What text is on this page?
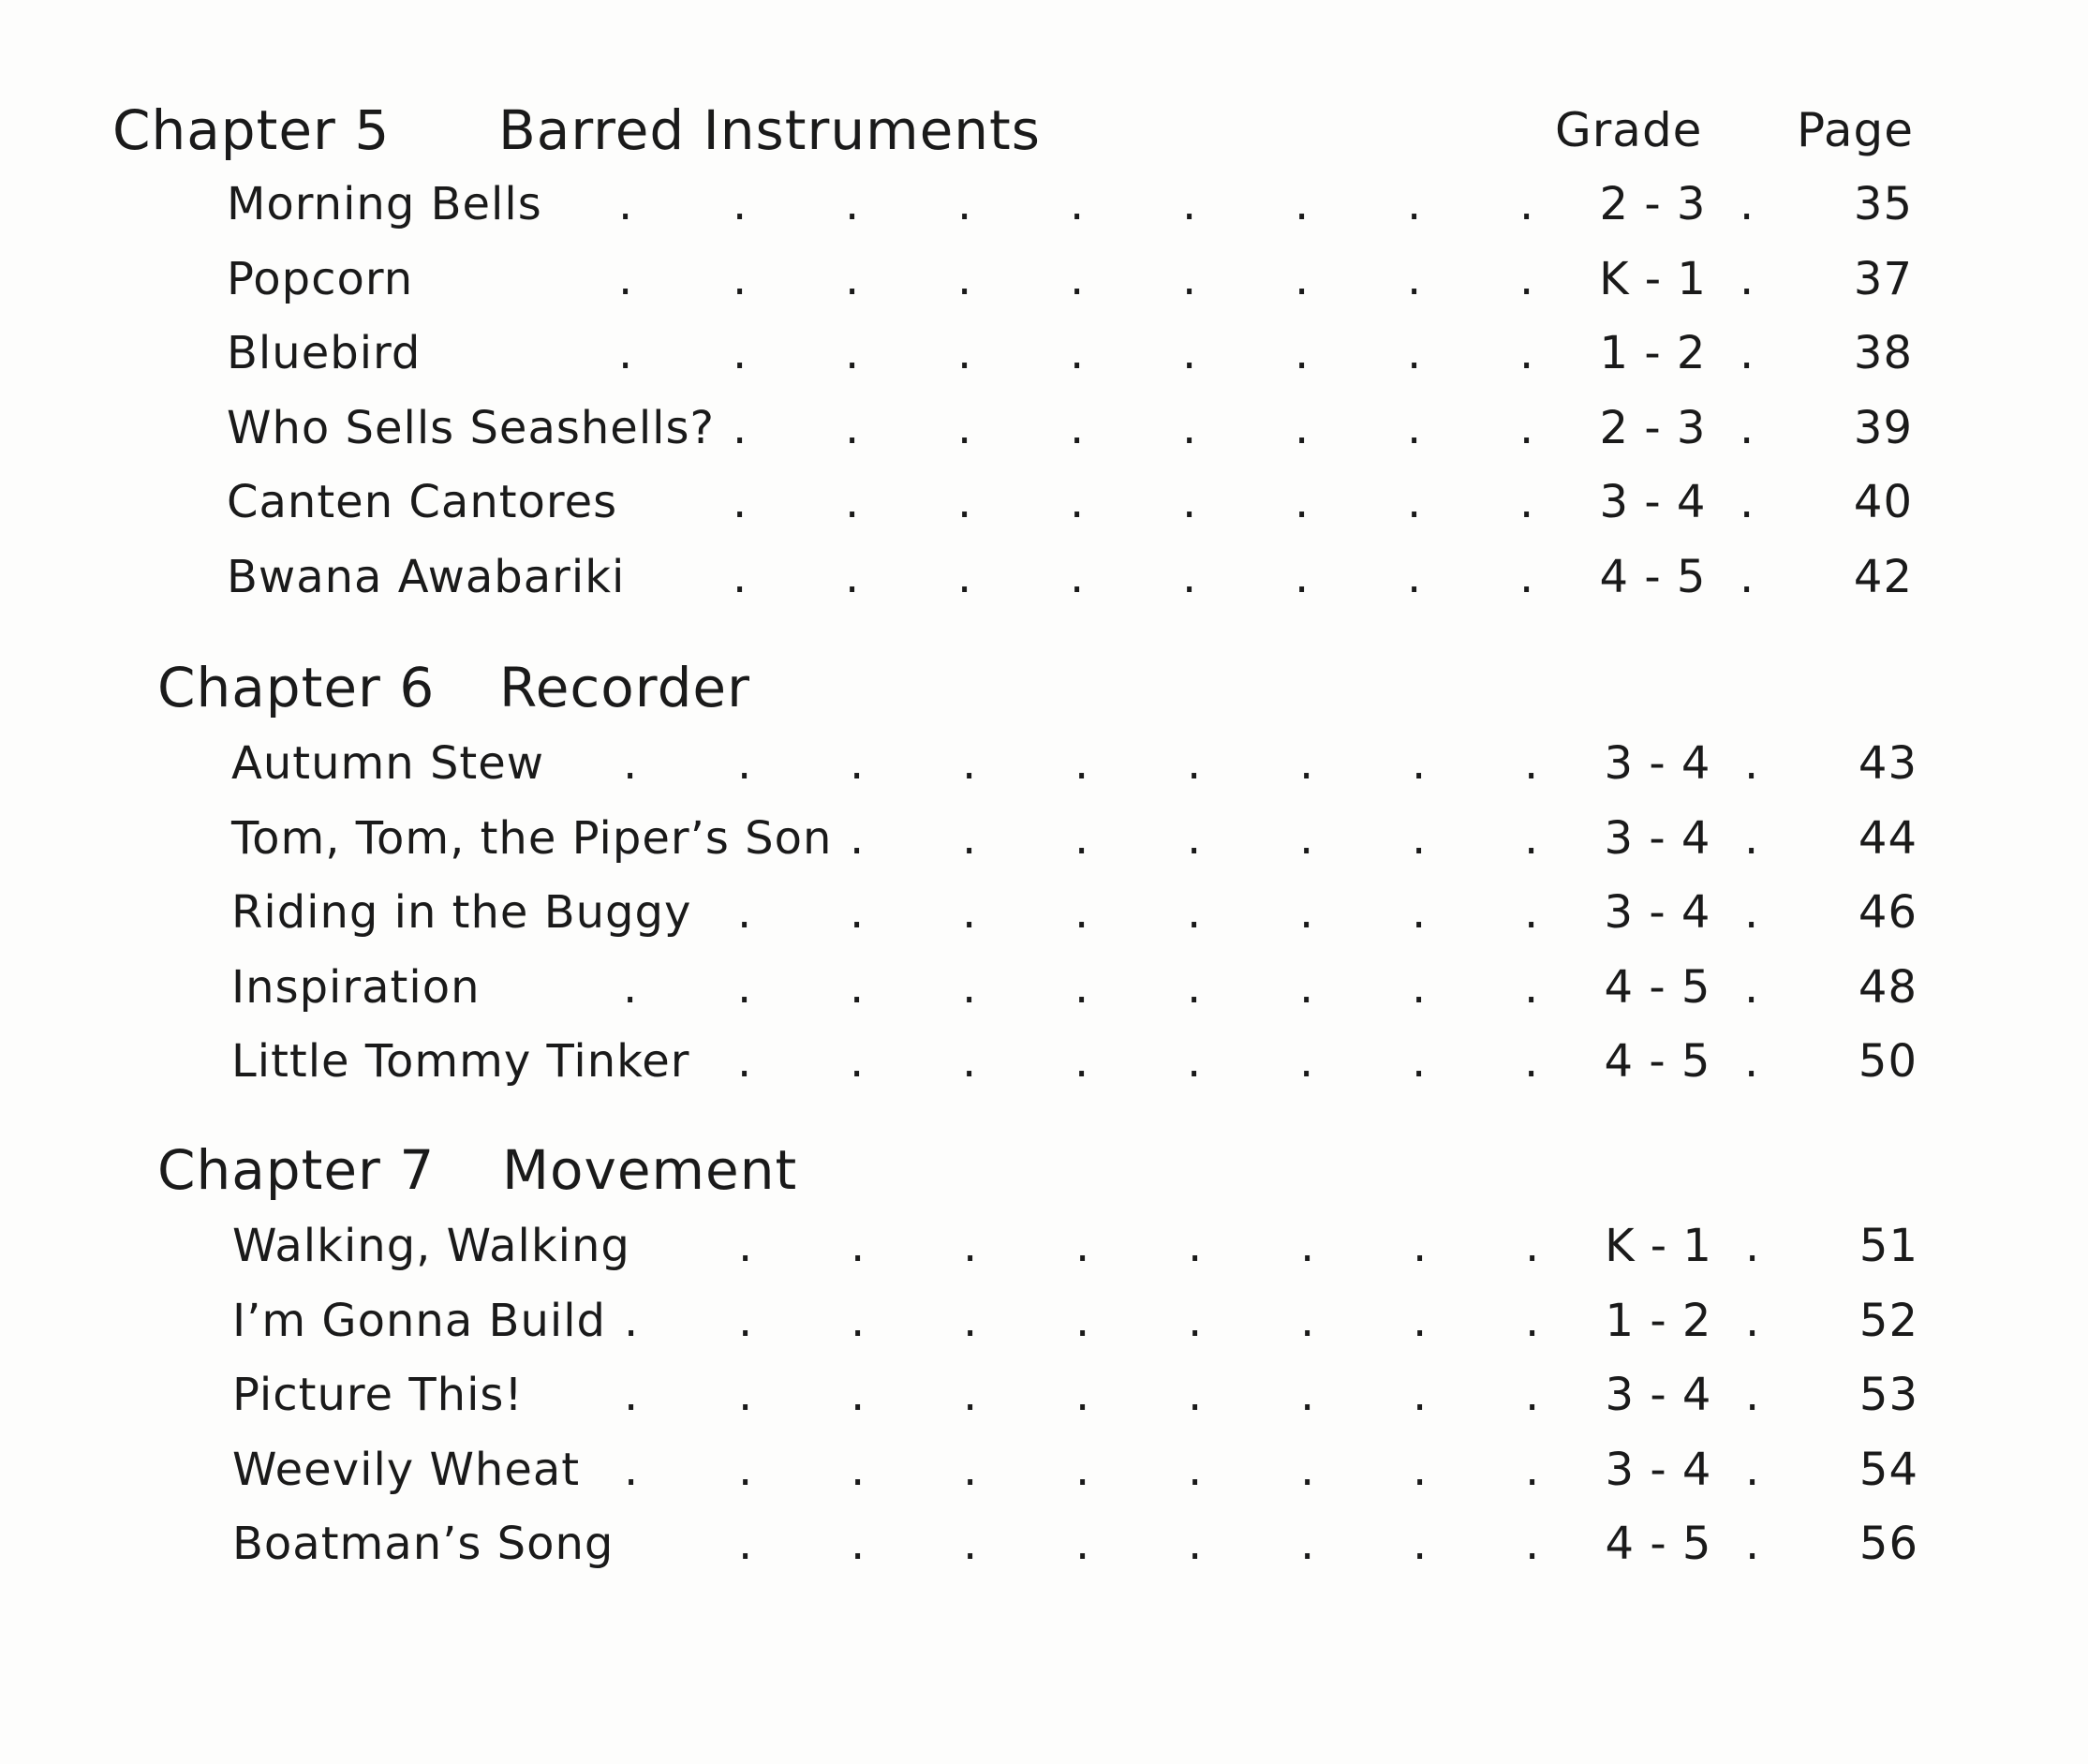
Chapter 5 Barred Instruments	Grade Page
Morning Bells . . . . . . . . . 2 - 3 .	35
Popcorn	. . . . . . . . . K - 1 .	37
Bluebird	. . . . . . . . . 1 - 2 .	38
Who Sells Seashells? . . . . . . . . 2 - 3 .	39
Canten Cantores	. . . . . . . . 3 - 4 .	40
Bwana Awabariki . . . . . . . . 4 - 5 .	42
Chapter 6 Recorder
Autumn Stew . . . . . . . . . 3 - 4 .	43
Tom, Tom, the Piper’s Son . . . . . . . 3 - 4 .	44
Riding in the Buggy . . . . . . . . 3 - 4 .	46
Inspiration	. . . . . . . . . 4 - 5 .	48
Little Tommy Tinker . . . . . . . . 4 - 5 .	50
Chapter 7 Movement
Walking, Walking . . . . . . . . K - 1 .	51
I’m Gonna Build . . . . . . . . . 1 - 2 .	52
Picture This! . . . . . . . . . 3 - 4 .	53
Weevily Wheat . . . . . . . . . 3 - 4 .	54
Boatman’s Song	. . . . . . . . 4 - 5 .	56
